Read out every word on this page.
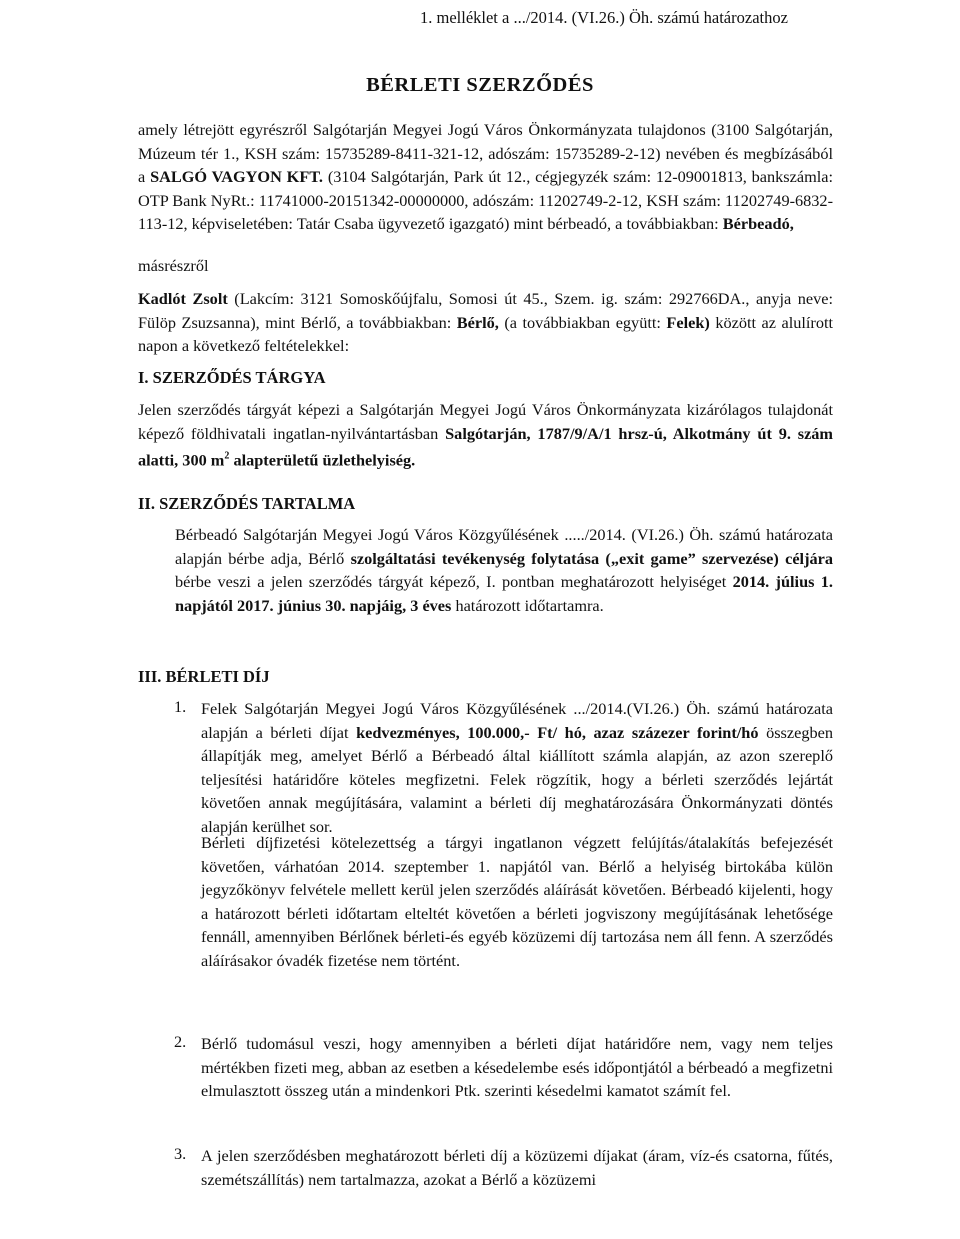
1. melléklet a .../2014. (VI.26.) Öh. számú határozathoz
BÉRLETI SZERZŐDÉS

amely létrejött egyrészről Salgótarján Megyei Jogú Város Önkormányzata tulajdonos (3100 Salgótarján, Múzeum tér 1., KSH szám: 15735289-8411-321-12, adószám: 15735289-2-12) nevében és megbízásából a SALGÓ VAGYON KFT. (3104 Salgótarján, Park út 12., cégjegyzék szám: 12-09001813, bankszámla: OTP Bank NyRt.: 11741000-20151342-00000000, adószám: 11202749-2-12, KSH szám: 11202749-6832-113-12, képviseletében: Tatár Csaba ügyvezető igazgató) mint bérbeadó, a továbbiakban: Bérbeadó,

másrészről

Kadlót Zsolt (Lakcím: 3121 Somoskőújfalu, Somosi út 45., Szem. ig. szám: 292766DA., anyja neve: Fülöp Zsuzsanna), mint Bérlő, a továbbiakban: Bérlő, (a továbbiakban együtt: Felek) között az alulírott napon a következő feltételekkel:

I. SZERZŐDÉS TÁRGYA

Jelen szerződés tárgyát képezi a Salgótarján Megyei Jogú Város Önkormányzata kizárólagos tulajdonát képező földhivatali ingatlan-nyilvántartásban Salgótarján, 1787/9/A/1 hrsz-ú, Alkotmány út 9. szám alatti, 300 $m^2$ alapterületű üzlethelyiség.

II. SZERZŐDÉS TARTALMA

Bérbeadó Salgótarján Megyei Jogú Város Közgyűlésének ...../2014. (VI.26.) Öh. számú határozata alapján bérbe adja, Bérlő szolgáltatási tevékenység folytatása („exit game” szervezése) céljára bérbe veszi a jelen szerződés tárgyát képező, I. pontban meghatározott helyiséget 2014. július 1. napjától 2017. június 30. napjáig, 3 éves határozott időtartamra.

III. BÉRLETI DÍJ
1. Felek Salgótarján Megyei Jogú Város Közgyűlésének .../2014.(VI.26.) Öh. számú határozata alapján a bérleti díjat kedvezményes, 100.000,- Ft/ hó, azaz százezer forint/hó összegben állapítják meg, amelyet Bérlő a Bérbeadó által kiállított számla alapján, az azon szereplő teljesítési határidőre köteles megfizetni. Felek rögzítik, hogy a bérleti szerződés lejártát követően annak megújítására, valamint a bérleti díj meghatározására Önkormányzati döntés alapján kerülhet sor.

Bérleti díjfizetési kötelezettség a tárgyi ingatlanon végzett felújítás/átalakítás befejezését követően, várhatóan 2014. szeptember 1. napjától van. Bérlő a helyiség birtokába külön jegyzőkönyv felvétele mellett kerül jelen szerződés aláírását követően. Bérbeadó kijelenti, hogy a határozott bérleti időtartam elteltét követően a bérleti jogviszony megújításának lehetősége fennáll, amennyiben Bérlőnek bérleti-és egyéb közüzemi díj tartozása nem áll fenn. A szerződés aláírásakor óvadék fizetése nem történt.

2. Bérlő tudomásul veszi, hogy amennyiben a bérleti díjat határidőre nem, vagy nem teljes mértékben fizeti meg, abban az esetben a késedelembe esés időpontjától a bérbeadó a megfizetni elmulasztott összeg után a mindenkori Ptk. szerinti késedelmi kamatot számít fel.

3. A jelen szerződésben meghatározott bérleti díj a közüzemi díjakat (áram, víz-és csatorna, fűtés, szemétszállítás) nem tartalmazza, azokat a Bérlő a közüzemi
